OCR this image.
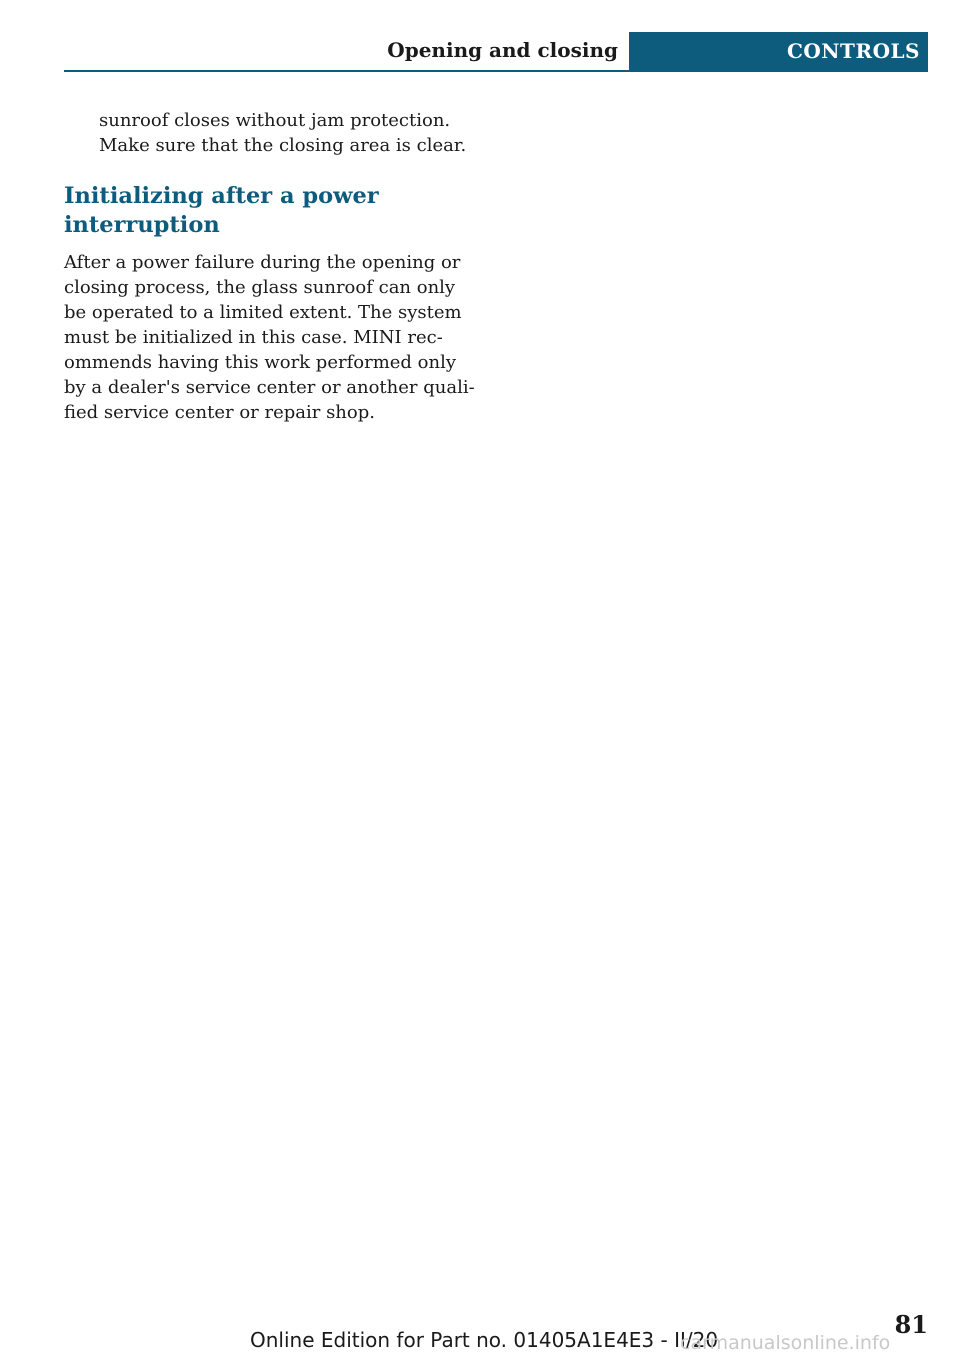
Opening and closing	CONTROLS

sunroof closes without jam protection.
Make sure that the closing area is clear.

Initializing after a power
interruption

After a power failure during the opening or
closing process, the glass sunroof can only
be operated to a limited extent. The system
must be initialized in this case. MINI rec‐
ommends having this work performed only
by a dealer's service center or another quali‐
fied service center or repair shop.

81
Online Edition for Part no. 01405A1E4E3 - II/20
carmanualsonline.info
